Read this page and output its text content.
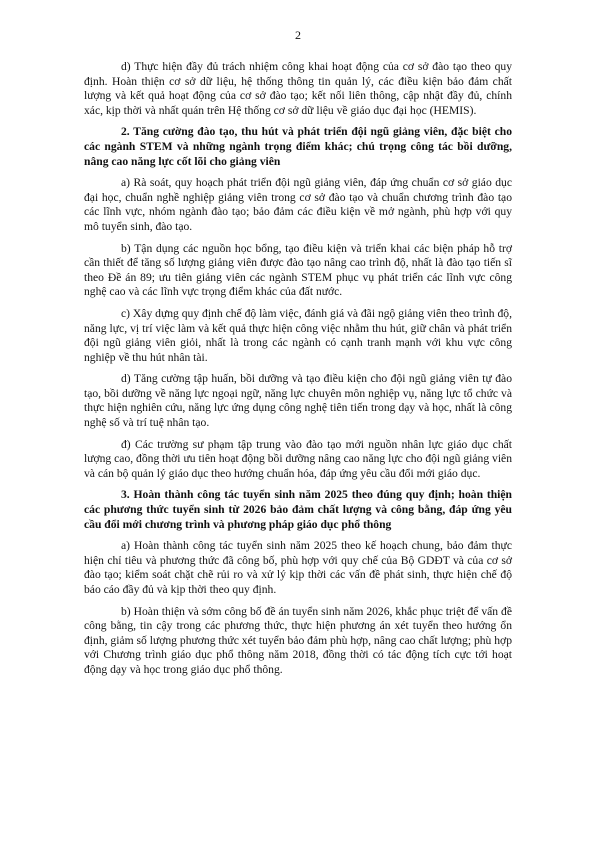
2

d) Thực hiện đầy đủ trách nhiệm công khai hoạt động của cơ sở đào tạo theo quy định. Hoàn thiện cơ sở dữ liệu, hệ thống thông tin quản lý, các điều kiện bảo đảm chất lượng và kết quả hoạt động của cơ sở đào tạo; kết nối liên thông, cập nhật đầy đủ, chính xác, kịp thời và nhất quán trên Hệ thống cơ sở dữ liệu về giáo dục đại học (HEMIS).

2. Tăng cường đào tạo, thu hút và phát triển đội ngũ giảng viên, đặc biệt cho các ngành STEM và những ngành trọng điểm khác; chú trọng công tác bồi dưỡng, nâng cao năng lực cốt lõi cho giảng viên

a) Rà soát, quy hoạch phát triển đội ngũ giảng viên, đáp ứng chuẩn cơ sở giáo dục đại học, chuẩn nghề nghiệp giảng viên trong cơ sở đào tạo và chuẩn chương trình đào tạo các lĩnh vực, nhóm ngành đào tạo; bảo đảm các điều kiện về mở ngành, phù hợp với quy mô tuyển sinh, đào tạo.

b) Tận dụng các nguồn học bổng, tạo điều kiện và triển khai các biện pháp hỗ trợ cần thiết để tăng số lượng giảng viên được đào tạo nâng cao trình độ, nhất là đào tạo tiến sĩ theo Đề án 89; ưu tiên giảng viên các ngành STEM phục vụ phát triển các lĩnh vực công nghệ cao và các lĩnh vực trọng điểm khác của đất nước.

c) Xây dựng quy định chế độ làm việc, đánh giá và đãi ngộ giảng viên theo trình độ, năng lực, vị trí việc làm và kết quả thực hiện công việc nhằm thu hút, giữ chân và phát triển đội ngũ giảng viên giỏi, nhất là trong các ngành có cạnh tranh mạnh với khu vực công nghiệp về thu hút nhân tài.

d) Tăng cường tập huấn, bồi dưỡng và tạo điều kiện cho đội ngũ giảng viên tự đào tạo, bồi dưỡng về năng lực ngoại ngữ, năng lực chuyên môn nghiệp vụ, năng lực tổ chức và thực hiện nghiên cứu, năng lực ứng dụng công nghệ tiên tiến trong dạy và học, nhất là công nghệ số và trí tuệ nhân tạo.

đ) Các trường sư phạm tập trung vào đào tạo mới nguồn nhân lực giáo dục chất lượng cao, đồng thời ưu tiên hoạt động bồi dưỡng nâng cao năng lực cho đội ngũ giảng viên và cán bộ quản lý giáo dục theo hướng chuẩn hóa, đáp ứng yêu cầu đổi mới giáo dục.

3. Hoàn thành công tác tuyển sinh năm 2025 theo đúng quy định; hoàn thiện các phương thức tuyển sinh từ 2026 bảo đảm chất lượng và công bằng, đáp ứng yêu cầu đổi mới chương trình và phương pháp giáo dục phổ thông

a) Hoàn thành công tác tuyển sinh năm 2025 theo kế hoạch chung, bảo đảm thực hiện chỉ tiêu và phương thức đã công bố, phù hợp với quy chế của Bộ GDĐT và của cơ sở đào tạo; kiểm soát chặt chẽ rủi ro và xử lý kịp thời các vấn đề phát sinh, thực hiện chế độ báo cáo đầy đủ và kịp thời theo quy định.

b) Hoàn thiện và sớm công bố đề án tuyển sinh năm 2026, khắc phục triệt để vấn đề công bằng, tin cậy trong các phương thức, thực hiện phương án xét tuyển theo hướng ổn định, giảm số lượng phương thức xét tuyển bảo đảm phù hợp, nâng cao chất lượng; phù hợp với Chương trình giáo dục phổ thông năm 2018, đồng thời có tác động tích cực tới hoạt động dạy và học trong giáo dục phổ thông.
